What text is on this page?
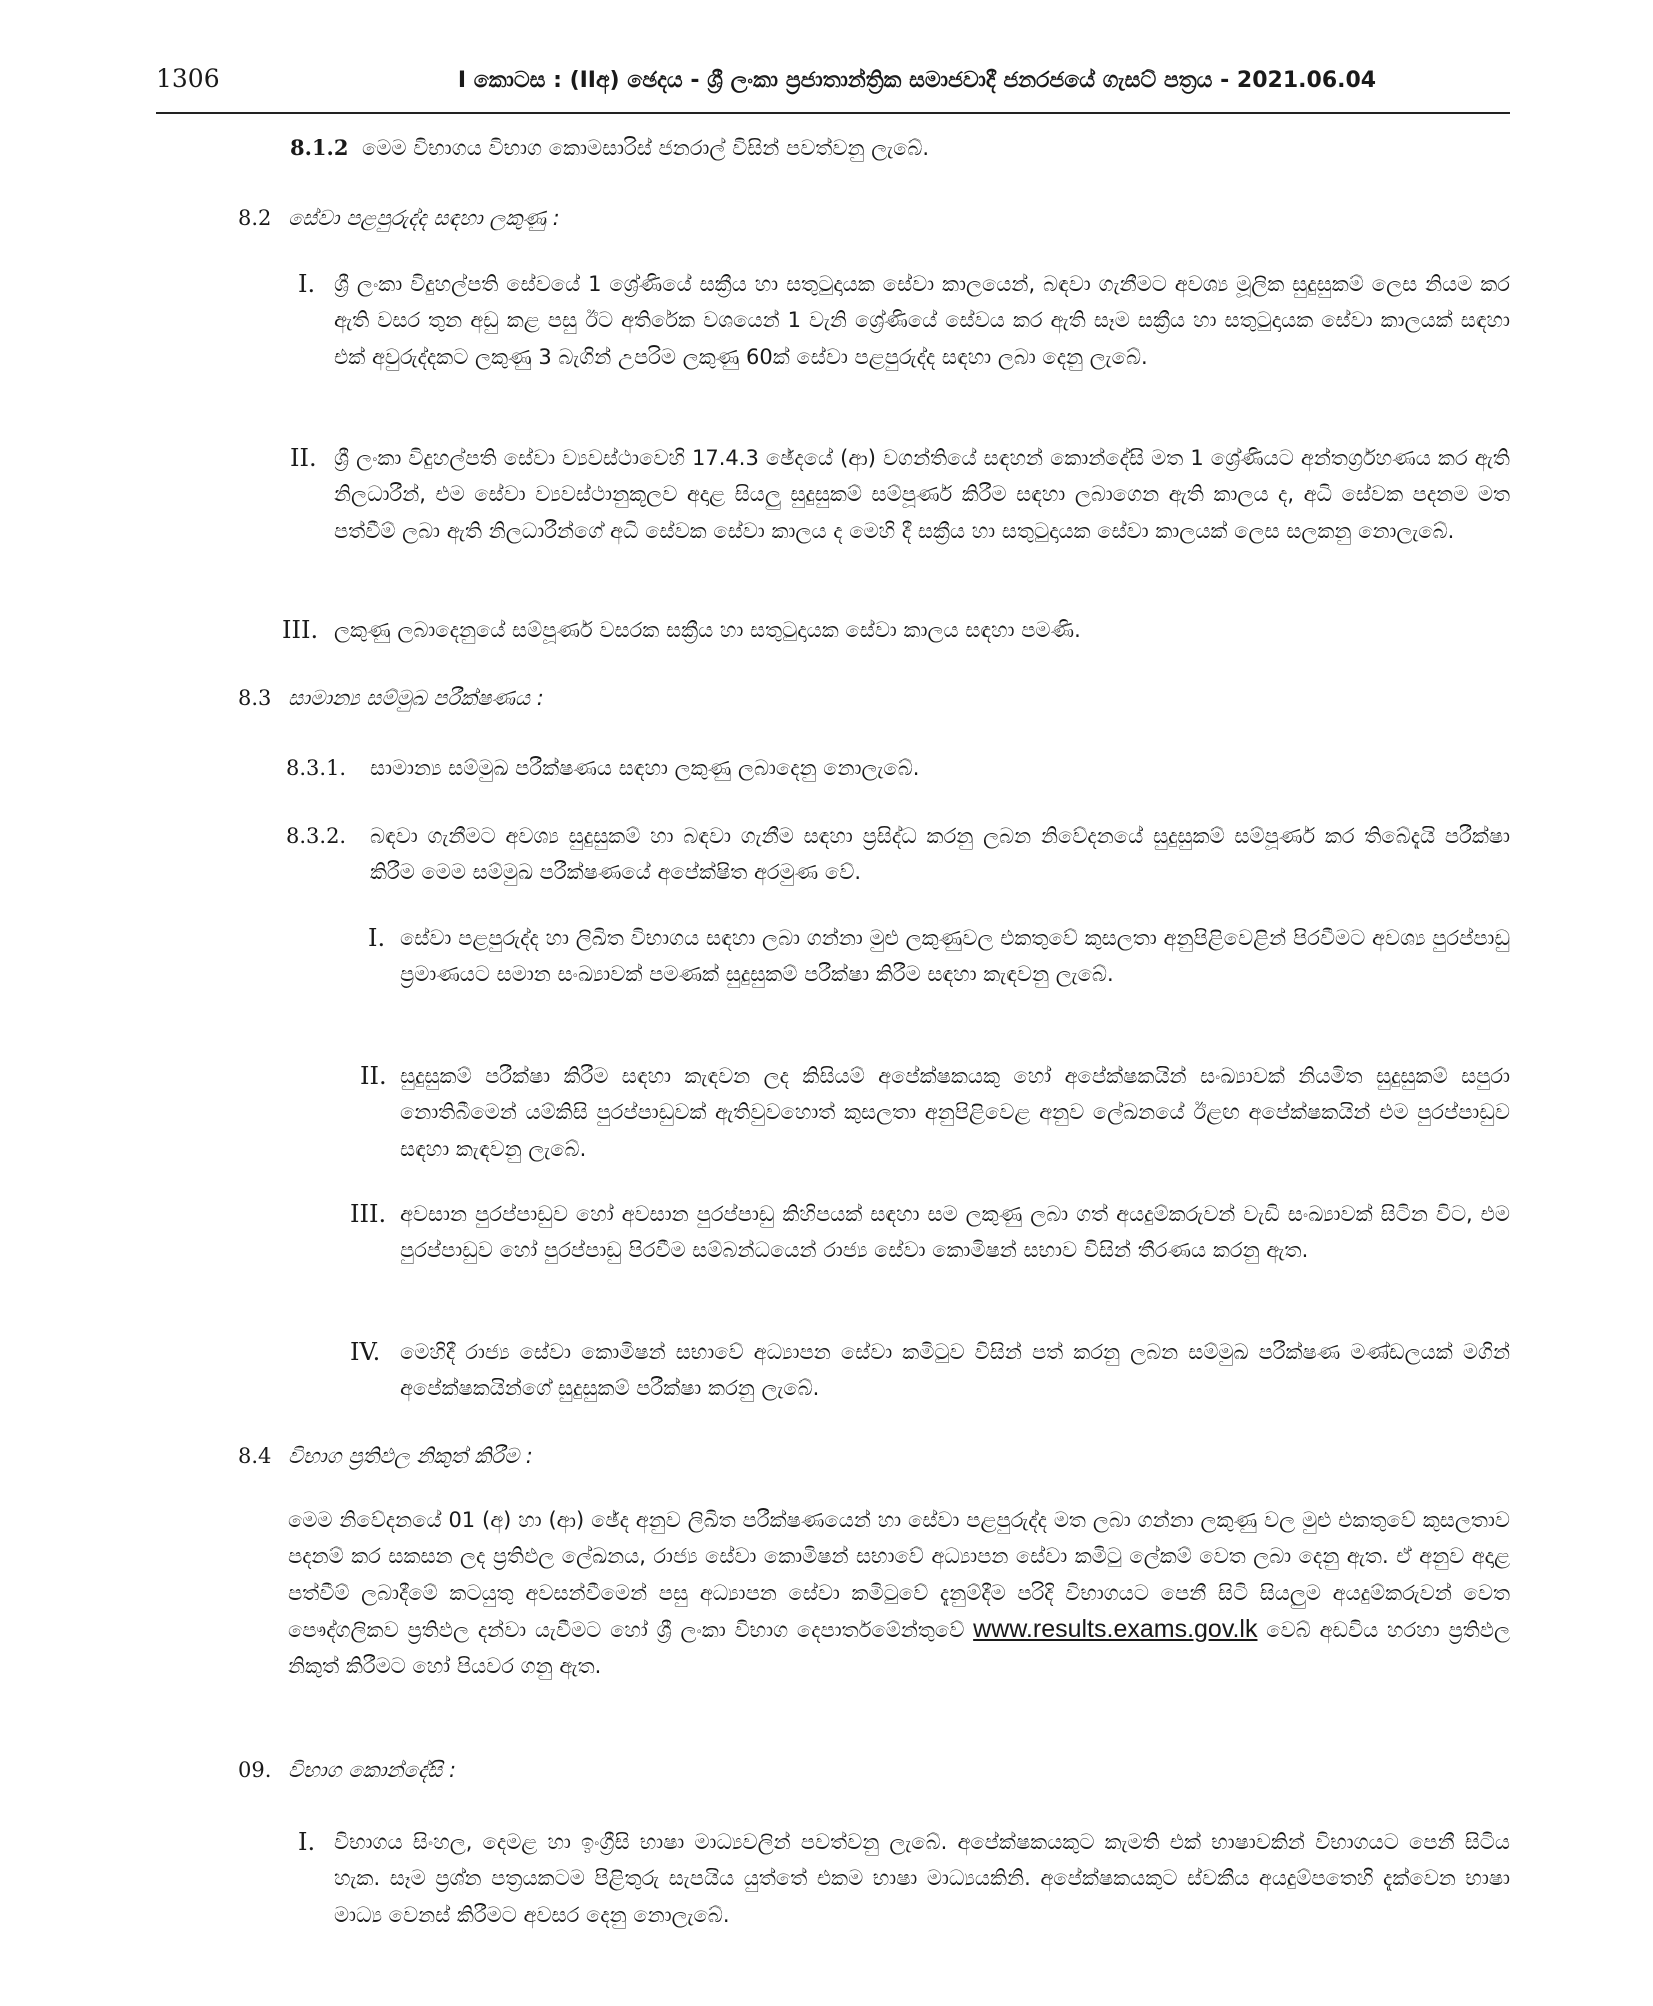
1306	I කොටස : (IIඅ) ඡෙදය - ශ්‍රී ලංකා ප්‍රජාතාන්ත්‍රික සමාජවාදී ජනරජයේ ගැසට් පත්‍රය - 2021.06.04
8.1.2 මෙම විභාගය විභාග කොමසාරිස් ජනරාල් විසින් පවත්වනු ලැබේ.
8.2 සේවා පළපුරුද්ද සඳහා ලකුණු :
I. ශ්‍රී ලංකා විදුහල්පති සේවයේ 1 ශ්‍රේණියේ සක්‍රීය හා සතුටුදායක සේවා කාලයෙන්, බඳවා ගැනීමට අවශ්‍ය මූලික සුදුසුකම් ලෙස නියම කර ඇති වසර තුන අඩු කළ පසු ඊට අතිරේක වශයෙන් 1 වැනි ශ්‍රේණියේ සේවය කර ඇති සෑම සක්‍රීය හා සතුටුදායක සේවා කාලයක් සඳහා එක් අවුරුද්දකට ලකුණු 3 බැගින් උපරිම ලකුණු 60ක් සේවා පළපුරුද්ද සඳහා ලබා දෙනු ලැබේ.
II. ශ්‍රී ලංකා විදුහල්පති සේවා ව්‍යවස්ථාවෙහි 17.4.3 ඡේදයේ (ආ) වගන්තියේ සඳහන් කොන්දේසි මත 1 ශ්‍රේණියට අන්තර්ග්‍රහණය කර ඇති නිලධාරීන්, එම සේවා ව්‍යවස්ථානුකූලව අදාළ සියලු සුදුසුකම් සම්පූර්ණ කිරීම සඳහා ලබාගෙන ඇති කාලය ද, අධි සේවක පදනම මත පත්වීම් ලබා ඇති නිලධාරීන්ගේ අධි සේවක සේවා කාලය ද මෙහි දී සක්‍රීය හා සතුටුදායක සේවා කාලයක් ලෙස සලකනු නොලැබේ.
III. ලකුණු ලබාදෙනුයේ සම්පූර්ණ වසරක සක්‍රීය හා සතුටුදායක සේවා කාලය සඳහා පමණි.
8.3 සාමාන්‍ය සම්මුඛ පරීක්ෂණය :
8.3.1. සාමාන්‍ය සම්මුඛ පරීක්ෂණය සඳහා ලකුණු ලබාදෙනු නොලැබේ.
8.3.2. බඳවා ගැනීමට අවශ්‍ය සුදුසුකම් හා බඳවා ගැනීම සඳහා ප්‍රසිද්ධ කරනු ලබන නිවේදනයේ සුදුසුකම් සම්පූර්ණ කර තිබේදැයි පරීක්ෂා කිරීම මෙම සම්මුඛ පරීක්ෂණයේ අපේක්ෂිත අරමුණ වේ.
I. සේවා පළපුරුද්ද හා ලිඛිත විභාගය සඳහා ලබා ගන්නා මුළු ලකුණුවල එකතුවේ කුසලතා අනුපිළිවෙළින් පිරවීමට අවශ්‍ය පුරප්පාඩු ප්‍රමාණයට සමාන සංඛ්‍යාවක් පමණක් සුදුසුකම් පරීක්ෂා කිරීම සඳහා කැඳවනු ලැබේ.
II. සුදුසුකම් පරීක්ෂා කිරීම සඳහා කැඳවන ලද කිසියම් අපේක්ෂකයකු හෝ අපේක්ෂකයින් සංඛ්‍යාවක් නියමිත සුදුසුකම් සපුරා නොතිබීමෙන් යම්කිසි පුරප්පාඩුවක් ඇතිවුවහොත් කුසලතා අනුපිළිවෙළ අනුව ලේඛනයේ ඊළඟ අපේක්ෂකයින් එම පුරප්පාඩුව සඳහා කැඳවනු ලැබේ.
III. අවසාන පුරප්පාඩුව හෝ අවසාන පුරප්පාඩු කිහිපයක් සඳහා සම ලකුණු ලබා ගත් අයදුම්කරුවන් වැඩි සංඛ්‍යාවක් සිටින විට, එම පුරප්පාඩුව හෝ පුරප්පාඩු පිරවීම සම්බන්ධයෙන් රාජ්‍ය සේවා කොමිෂන් සභාව විසින් තීරණය කරනු ඇත.
IV. මෙහිදී රාජ්‍ය සේවා කොමිෂන් සභාවේ අධ්‍යාපන සේවා කමිටුව විසින් පත් කරනු ලබන සම්මුඛ පරීක්ෂණ මණ්ඩලයක් මගින් අපේක්ෂකයින්ගේ සුදුසුකම් පරීක්ෂා කරනු ලැබේ.
8.4 විභාග ප්‍රතිඵල නිකුත් කිරීම :
මෙම නිවේදනයේ 01 (අ) හා (ආ) ඡේද අනුව ලිඛිත පරීක්ෂණයෙන් හා සේවා පළපුරුද්ද මත ලබා ගන්නා ලකුණු වල මුළු එකතුවේ කුසලතාව පදනම් කර සකසන ලද ප්‍රතිඵල ලේඛනය, රාජ්‍ය සේවා කොමිෂන් සභාවේ අධ්‍යාපන සේවා කමිටු ලේකම් වෙත ලබා දෙනු ඇත. ඒ අනුව අදාළ පත්වීම් ලබාදීමේ කටයුතු අවසන්වීමෙන් පසු අධ්‍යාපන සේවා කමිටුවේ දැනුම්දීම පරිදි විභාගයට පෙනී සිටි සියලුම අයදුම්කරුවන් වෙත පෞද්ගලිකව ප්‍රතිඵල දන්වා යැවීමට හෝ ශ්‍රී ලංකා විභාග දෙපාර්තමේන්තුවේ www.results.exams.gov.lk වෙබ් අඩවිය හරහා ප්‍රතිඵල නිකුත් කිරීමට හෝ පියවර ගනු ඇත.
09. විභාග කොන්දේසි :
I. විභාගය සිංහල, දෙමළ හා ඉංග්‍රීසි භාෂා මාධ්‍යවලින් පවත්වනු ලැබේ. අපේක්ෂකයකුට කැමති එක් භාෂාවකින් විභාගයට පෙනී සිටිය හැක. සෑම ප්‍රශ්න පත්‍රයකටම පිළිතුරු සැපයිය යුත්තේ එකම භාෂා මාධ්‍යයකිනි. අපේක්ෂකයකුට ස්වකීය අයදුම්පතෙහි දැක්වෙන භාෂා මාධ්‍ය වෙනස් කිරීමට අවසර දෙනු නොලැබේ.
